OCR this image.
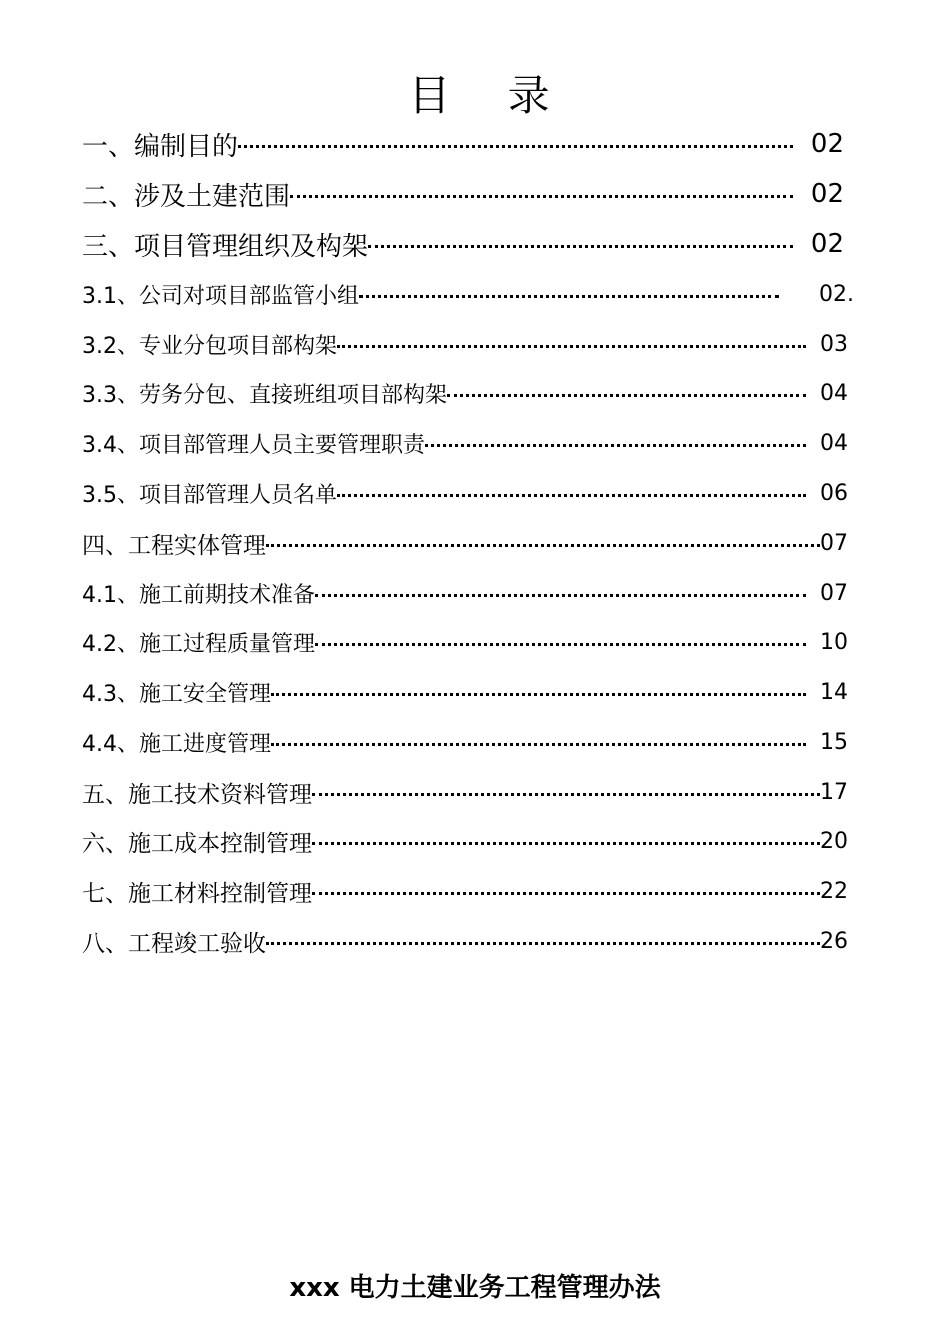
目 录
一、编制目的	02
二、涉及土建范围	02
三、项目管理组织及构架	02
3.1、公司对项目部监管小组	02.
3.2、专业分包项目部构架	03
3.3、劳务分包、直接班组项目部构架	04
3.4、项目部管理人员主要管理职责	04
3.5、项目部管理人员名单	06
四、工程实体管理	07
4.1、施工前期技术准备	07
4.2、施工过程质量管理	10
4.3、施工安全管理	14
4.4、施工进度管理	15
五、施工技术资料管理	17
六、施工成本控制管理	20
七、施工材料控制管理	22
八、工程竣工验收	26
xxx 电力土建业务工程管理办法
